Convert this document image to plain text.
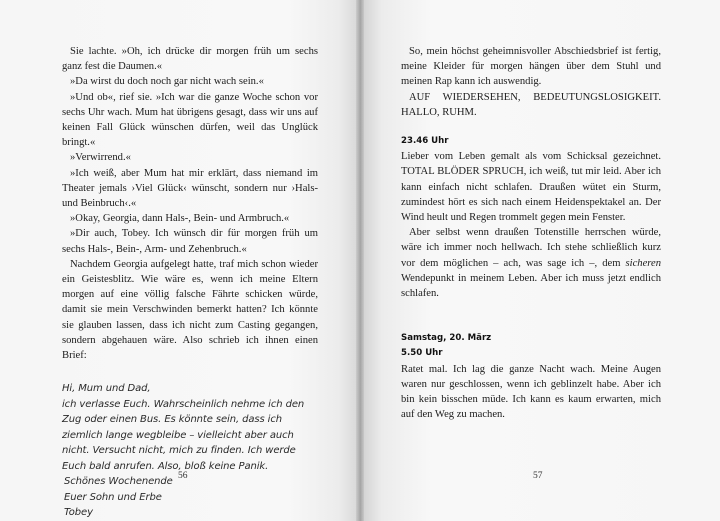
Sie lachte. »Oh, ich drücke dir morgen früh um sechs ganz fest die Daumen.«

»Da wirst du doch noch gar nicht wach sein.«

»Und ob«, rief sie. »Ich war die ganze Woche schon vor sechs Uhr wach. Mum hat übrigens gesagt, dass wir uns auf keinen Fall Glück wünschen dürfen, weil das Unglück bringt.«

»Verwirrend.«

»Ich weiß, aber Mum hat mir erklärt, dass niemand im Theater jemals ›Viel Glück‹ wünscht, sondern nur ›Hals- und Beinbruch‹.«

»Okay, Georgia, dann Hals-, Bein- und Armbruch.«

»Dir auch, Tobey. Ich wünsch dir für morgen früh um sechs Hals-, Bein-, Arm- und Zehenbruch.«

Nachdem Georgia aufgelegt hatte, traf mich schon wieder ein Geistesblitz. Wie wäre es, wenn ich meine Eltern morgen auf eine völlig falsche Fährte schicken würde, damit sie mein Verschwinden bemerkt hatten? Ich könnte sie glauben lassen, dass ich nicht zum Casting gegangen, sondern abgehauen wäre. Also schrieb ich ihnen einen Brief:

Hi, Mum und Dad,
ich verlasse Euch. Wahrscheinlich nehme ich den Zug oder einen Bus. Es könnte sein, dass ich ziemlich lange wegbleibe – vielleicht aber auch nicht. Versucht nicht, mich zu finden. Ich werde Euch bald anrufen. Also, bloß keine Panik.
Schönes Wochenende
Euer Sohn und Erbe
Tobey
56

So, mein höchst geheimnisvoller Abschiedsbrief ist fertig, meine Kleider für morgen hängen über dem Stuhl und meinen Rap kann ich auswendig.

AUF WIEDERSEHEN, BEDEUTUNGSLOSIGKEIT. HALLO, RUHM.

23.46 Uhr

Lieber vom Leben gemalt als vom Schicksal gezeichnet. TOTAL BLÖDER SPRUCH, ich weiß, tut mir leid. Aber ich kann einfach nicht schlafen. Draußen wütet ein Sturm, zumindest hört es sich nach einem Heidenspektakel an. Der Wind heult und Regen trommelt gegen mein Fenster.

Aber selbst wenn draußen Totenstille herrschen würde, wäre ich immer noch hellwach. Ich stehe schließlich kurz vor dem möglichen – ach, was sage ich –, dem sicheren Wendepunkt in meinem Leben. Aber ich muss jetzt endlich schlafen.

Samstag, 20. März
5.50 Uhr

Ratet mal. Ich lag die ganze Nacht wach. Meine Augen waren nur geschlossen, wenn ich geblinzelt habe. Aber ich bin kein bisschen müde. Ich kann es kaum erwarten, mich auf den Weg zu machen.

57
